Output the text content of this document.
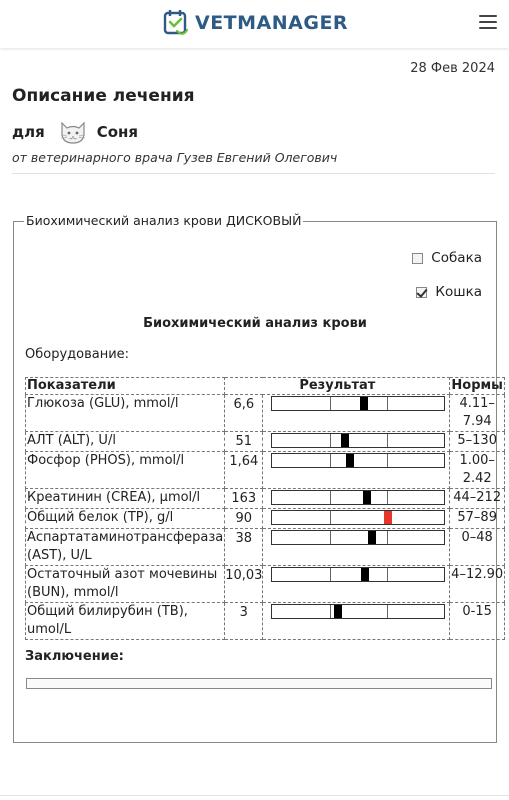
VETMANAGER
28 Фев 2024
Описание лечения
для	Соня
от ветеринарного врача Гузев Евгений Олегович
Биохимический анализ крови ДИСКОВЫЙ
Собака
Кошка
Биохимический анализ крови
Оборудование:
Показатели	Результат		Нормы
Глюкоза (GLU), mmol/l	6,6		4.11–7.94
АЛТ (ALT), U/l	51		5–130
Фосфор (PHOS), mmol/l	1,64		1.00–2.42
Креатинин (CREA), μmol/l	163		44–212
Общий белок (TP), g/l	90		57–89
Аспартатаминотрансфераза (AST), U/L	38		0–48
Остаточный азот мочевины (BUN), mmol/l	10,03		4–12.90
Общий билирубин (TB), umol/L	3		0-15
Заключение:
